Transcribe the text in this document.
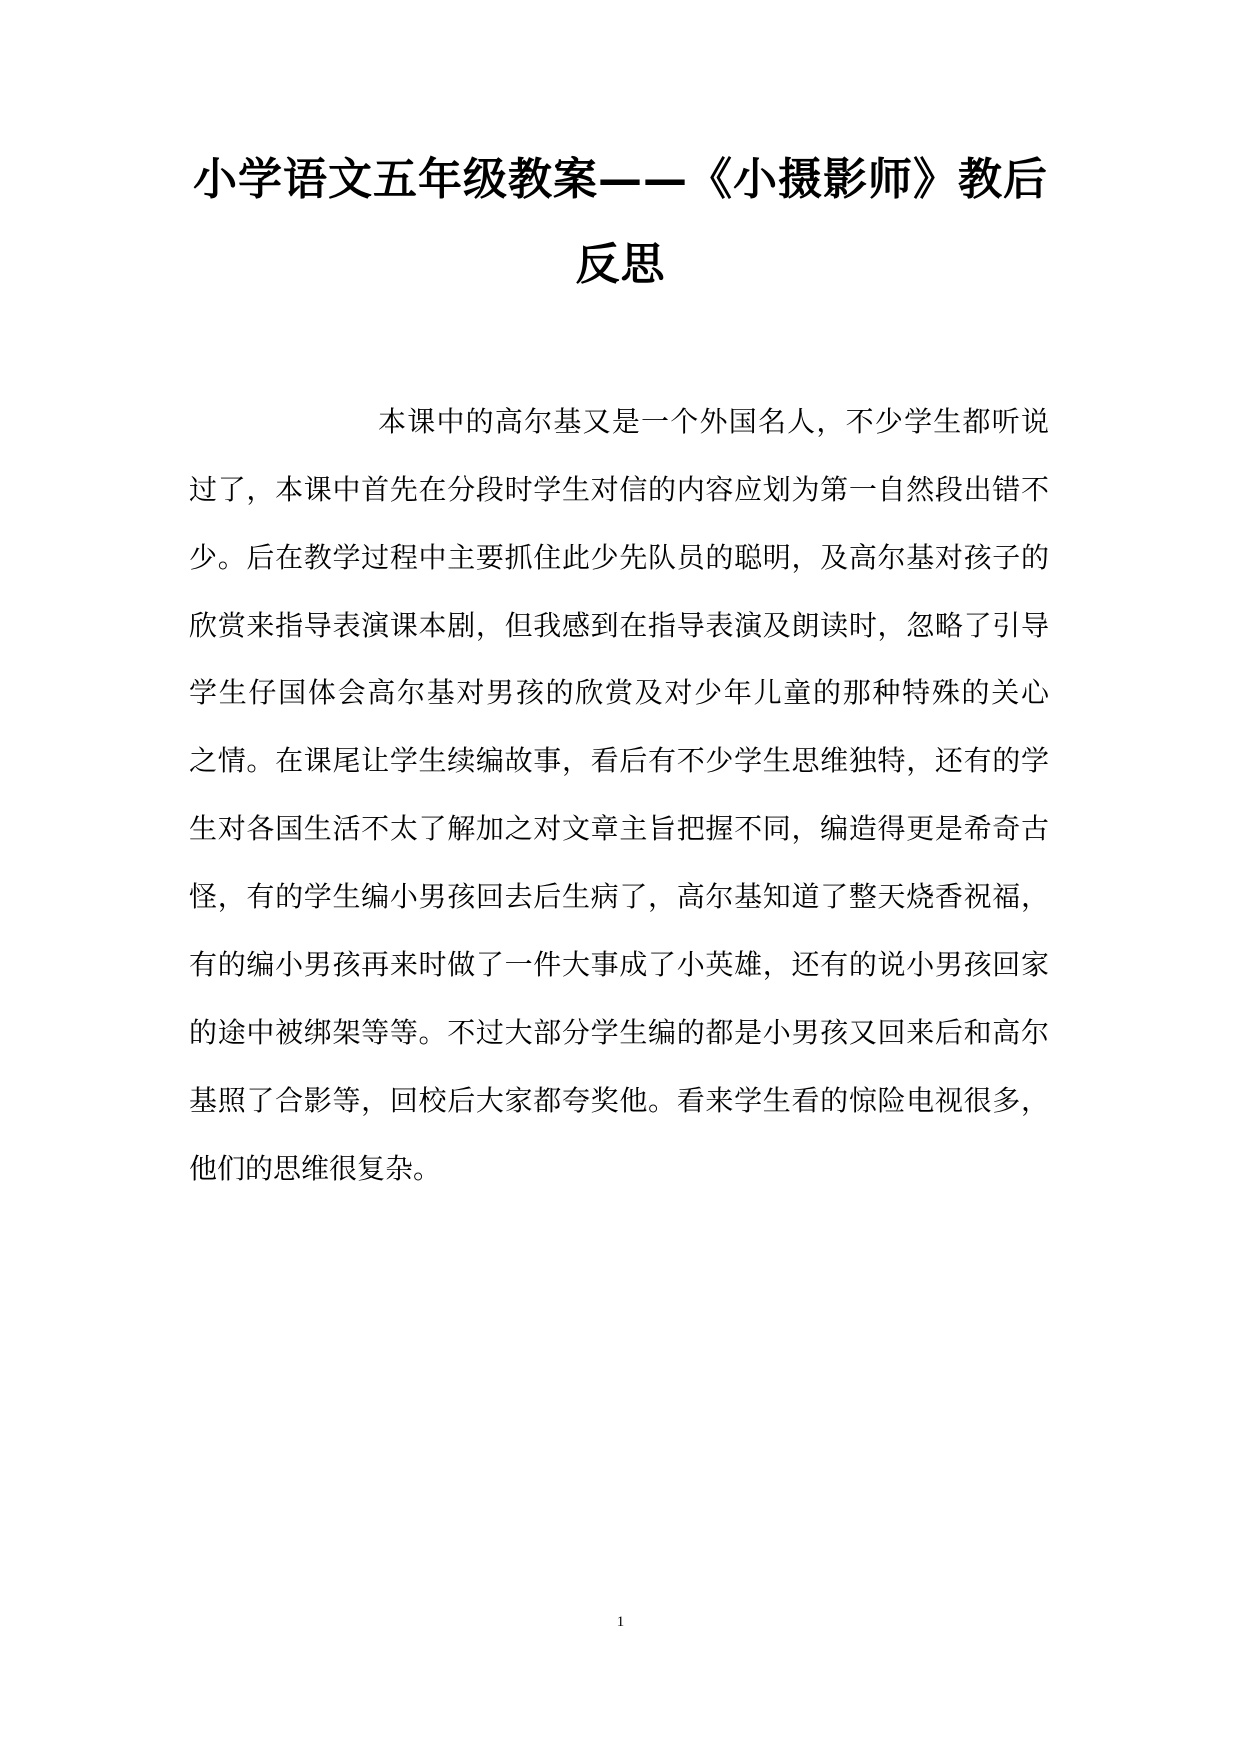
小学语文五年级教案——《小摄影师》教后
反思

本课中的高尔基又是一个外国名人，不少学生都听说

过了，本课中首先在分段时学生对信的内容应划为第一自然段出错不

少。后在教学过程中主要抓住此少先队员的聪明，及高尔基对孩子的

欣赏来指导表演课本剧，但我感到在指导表演及朗读时，忽略了引导

学生仔国体会高尔基对男孩的欣赏及对少年儿童的那种特殊的关心

之情。在课尾让学生续编故事，看后有不少学生思维独特，还有的学

生对各国生活不太了解加之对文章主旨把握不同，编造得更是希奇古

怪，有的学生编小男孩回去后生病了，高尔基知道了整天烧香祝福，

有的编小男孩再来时做了一件大事成了小英雄，还有的说小男孩回家

的途中被绑架等等。不过大部分学生编的都是小男孩又回来后和高尔

基照了合影等，回校后大家都夸奖他。看来学生看的惊险电视很多，

他们的思维很复杂。

1
